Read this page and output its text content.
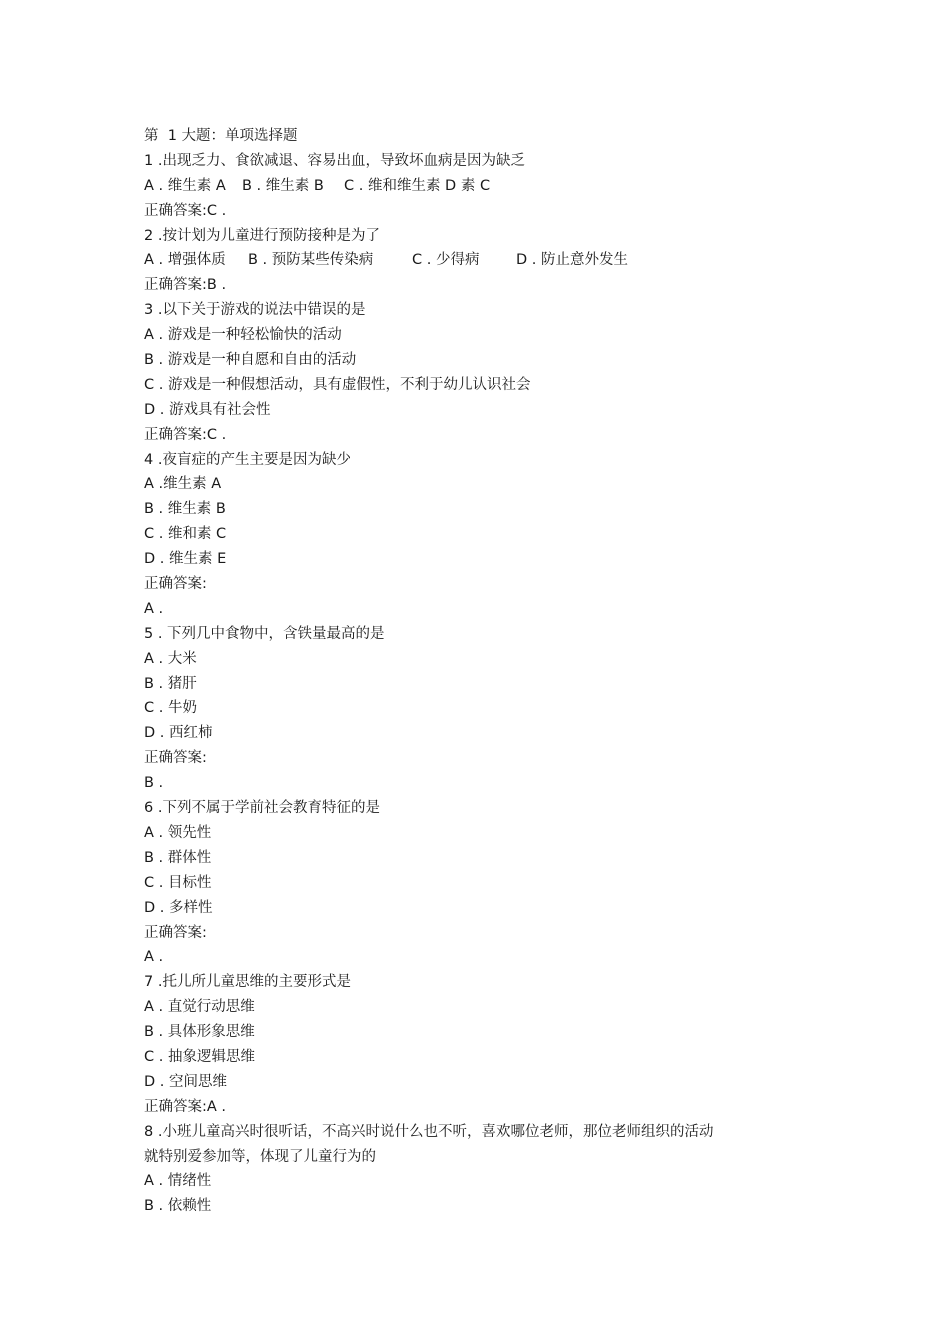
第  1 大题：单项选择题
1 .出现乏力、食欲减退、容易出血，导致坏血病是因为缺乏
A . 维生素 A B . 维生素 B C . 维和维生素 D 素 C
正确答案:C .
2 .按计划为儿童进行预防接种是为了
A . 增强体质 B . 预防某些传染病	C . 少得病	D . 防止意外发生
正确答案:B .
3 .以下关于游戏的说法中错误的是
A . 游戏是一种轻松愉快的活动
B . 游戏是一种自愿和自由的活动
C . 游戏是一种假想活动，具有虚假性，不利于幼儿认识社会
D . 游戏具有社会性
正确答案:C .
4 .夜盲症的产生主要是因为缺少
A .维生素 A
B . 维生素 B
C . 维和素 C
D . 维生素 E
正确答案:
A .
5 . 下列几中食物中，含铁量最高的是
A . 大米
B . 猪肝
C . 牛奶
D . 西红柿
正确答案:
B .
6 .下列不属于学前社会教育特征的是
A . 领先性
B . 群体性
C . 目标性
D . 多样性
正确答案:
A .
7 .托儿所儿童思维的主要形式是
A . 直觉行动思维
B . 具体形象思维
C . 抽象逻辑思维
D . 空间思维
正确答案:A .
8 .小班儿童高兴时很听话，不高兴时说什么也不听，喜欢哪位老师，那位老师组织的活动
就特别爱参加等，体现了儿童行为的
A . 情绪性
B . 依赖性
